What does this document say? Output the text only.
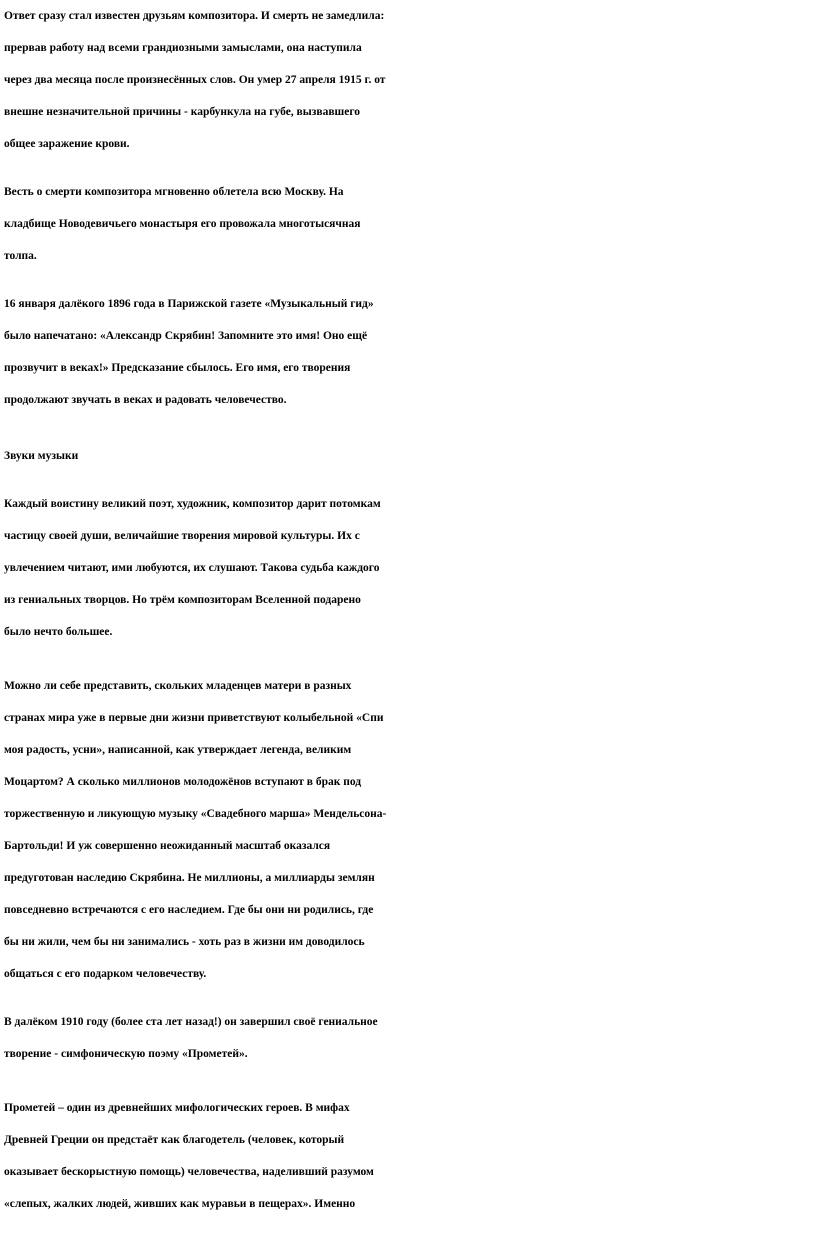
Ответ сразу стал известен друзьям композитора. И смерть не замедлила:
прервав работу над всеми грандиозными замыслами, она наступила
через два месяца после произнесённых слов. Он умер 27 апреля 1915 г. от
внешне незначительной причины - карбункула на губе, вызвавшего
общее заражение крови.

Весть о смерти композитора мгновенно облетела всю Москву. На
кладбище Новодевичьего монастыря его провожала многотысячная
толпа.

16 января далёкого 1896 года в Парижской газете «Музыкальный гид»
было напечатано: «Александр Скрябин! Запомните это имя! Оно ещё
прозвучит в веках!» Предсказание сбылось. Его имя, его творения
продолжают звучать в веках и радовать человечество.

Звуки музыки

Каждый воистину великий поэт, художник, композитор дарит потомкам
частицу своей души, величайшие творения мировой культуры. Их с
увлечением читают, ими любуются, их слушают. Такова судьба каждого
из гениальных творцов. Но трём композиторам Вселенной подарено
было нечто большее.

Можно ли себе представить, скольких младенцев матери в разных
странах мира уже в первые дни жизни приветствуют колыбельной «Спи
моя радость, усни», написанной, как утверждает легенда, великим
Моцартом? А сколько миллионов молодожёнов вступают в брак под
торжественную и ликующую музыку «Свадебного марша» Мендельсона-
Бартольди! И уж совершенно неожиданный масштаб оказался
предуготован наследию Скрябина. Не миллионы, а миллиарды землян
повседневно встречаются с его наследием. Где бы они ни родились, где
бы ни жили, чем бы ни занимались - хоть раз в жизни им доводилось
общаться с его подарком человечеству.

В далёком 1910 году (более ста лет назад!) он завершил своё гениальное
творение - симфоническую поэму «Прометей».

Прометей – один из древнейших мифологических героев. В мифах
Древней Греции он предстаёт как благодетель (человек, который
оказывает бескорыстную помощь) человечества, наделивший разумом
«слепых, жалких людей, живших как муравьи в пещерах». Именно
